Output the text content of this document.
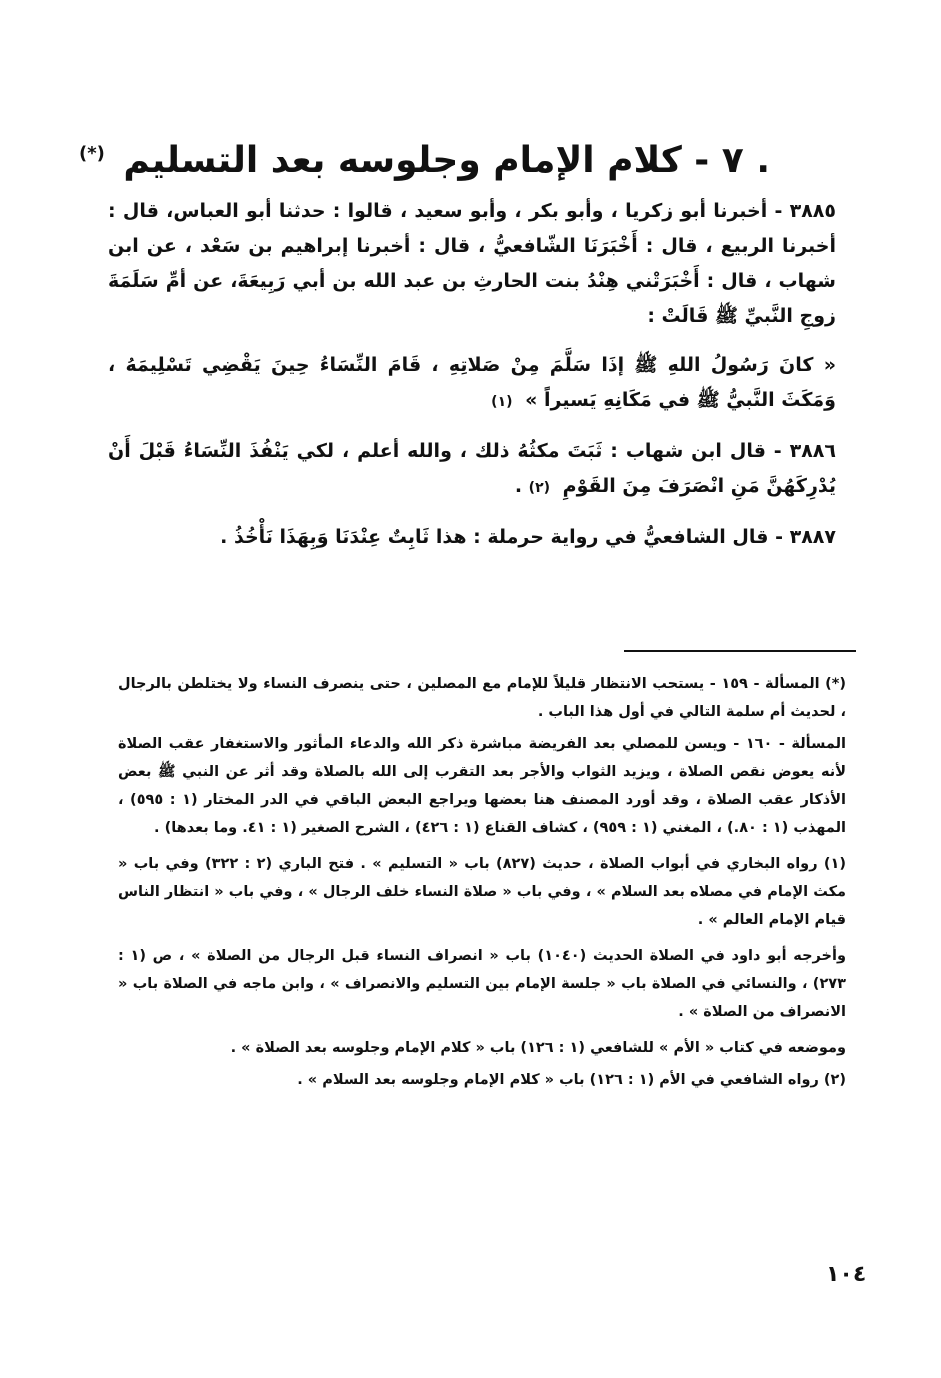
. ٧ - كلام الإمام وجلوسه بعد التسليم (*)

٣٨٨٥ - أخبرنا أبو زكريا ، وأبو بكر ، وأبو سعيد ، قالوا : حدثنا أبو العباس، قال : أخبرنا الربيع ، قال : أَخْبَرَنَا الشّافعيُّ ، قال : أخبرنا إبراهيم بن سَعْد ، عن ابن شهاب ، قال : أَخْبَرَتْني هِنْدُ بنت الحارثِ بن عبد الله بن أبي رَبِيعَةَ، عن أمِّ سَلَمَةَ زوجِ النَّبيِّ ﷺ قَالَتْ :

« كانَ رَسُولُ اللهِ ﷺ إذَا سَلَّمَ مِنْ صَلاتِهِ ، قَامَ النِّسَاءُ حِينَ يَقْضِي تَسْلِيمَهُ ، وَمَكَثَ النَّبيُّ ﷺ في مَكَانِهِ يَسيراً » (١)

٣٨٨٦ - قال ابن شهاب : ثَبَتَ مكثُهُ ذلك ، والله أعلم ، لكي يَنْفُذَ النِّسَاءُ قَبْلَ أَنْ يُدْرِكَهُنَّ مَنِ انْصَرَفَ مِنَ القَوْمِ (٢) .

٣٨٨٧ - قال الشافعيُّ في رواية حرملة : هذا ثَابِتٌ عِنْدَنَا وَبِهَذَا نَأْخُذُ .

(*) المسألة - ١٥٩ - يستحب الانتظار قليلاً للإمام مع المصلين ، حتى ينصرف النساء ولا يختلطن بالرجال ، لحديث أم سلمة التالي في أول هذا الباب .

المسألة - ١٦٠ - ويسن للمصلي بعد الفريضة مباشرة ذكر الله والدعاء المأثور والاستغفار عقب الصلاة لأنه يعوض نقص الصلاة ، ويزيد الثواب والأجر بعد التقرب إلى الله بالصلاة وقد أثر عن النبي ﷺ بعض الأذكار عقب الصلاة ، وقد أورد المصنف هنا بعضها ويراجع البعض الباقي في الدر المختار (١ : ٥٩٥) ، المهذب (١ : ٨٠.) ، المغني (١ : ٩٥٩) ، كشاف القناع (١ : ٤٢٦) ، الشرح الصغير (١ : ٤١. وما بعدها) .

(١) رواه البخاري في أبواب الصلاة ، حديث (٨٢٧) باب « التسليم » . فتح الباري (٢ : ٣٢٢) وفي باب « مكث الإمام في مصلاه بعد السلام » ، وفي باب « صلاة النساء خلف الرجال » ، وفي باب « انتظار الناس قيام الإمام العالم » .

وأخرجه أبو داود في الصلاة الحديث (١٠٤٠) باب « انصراف النساء قبل الرجال من الصلاة » ، ص (١ : ٢٧٣) ، والنسائي في الصلاة باب « جلسة الإمام بين التسليم والانصراف » ، وابن ماجه في الصلاة باب « الانصراف من الصلاة » .

وموضعه في كتاب « الأم » للشافعي (١ : ١٢٦) باب « كلام الإمام وجلوسه بعد الصلاة » .

(٢) رواه الشافعي في الأم (١ : ١٢٦) باب « كلام الإمام وجلوسه بعد السلام » .

١٠٤
